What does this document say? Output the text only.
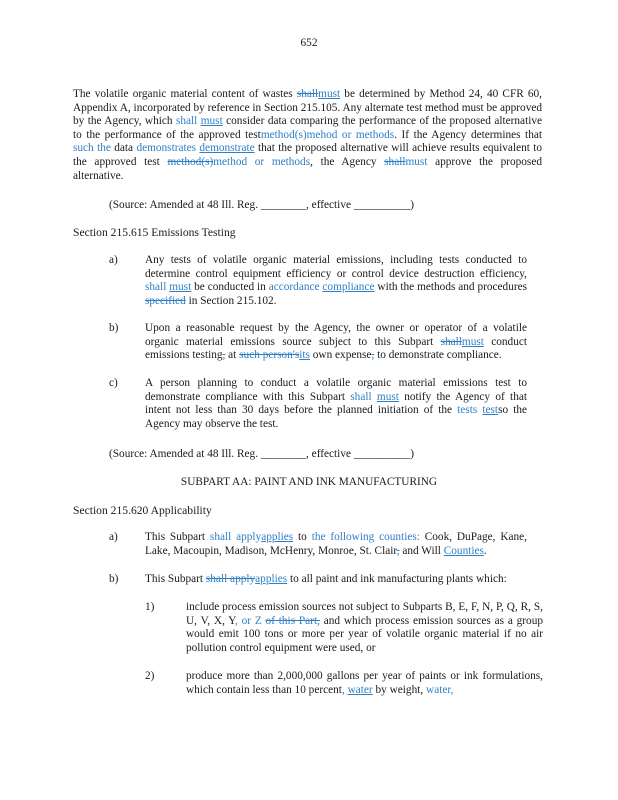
652
The volatile organic material content of wastes shallmust be determined by Method 24, 40 CFR 60, Appendix A, incorporated by reference in Section 215.105. Any alternate test method must be approved by the Agency, which shall must consider data comparing the performance of the proposed alternative to the performance of the approved testmethod(s)mehod or methods. If the Agency determines that such the data demonstrates demonstrate that the proposed alternative will achieve results equivalent to the approved test method(s)method or methods, the Agency shallmust approve the proposed alternative.
(Source: Amended at 48 Ill. Reg. ________, effective __________)
Section 215.615 Emissions Testing
a) Any tests of volatile organic material emissions, including tests conducted to determine control equipment efficiency or control device destruction efficiency, shall must be conducted in accordance compliance with the methods and procedures specified in Section 215.102.
b) Upon a reasonable request by the Agency, the owner or operator of a volatile organic material emissions source subject to this Subpart shallmust conduct emissions testing, at such person'sits own expense, to demonstrate compliance.
c) A person planning to conduct a volatile organic material emissions test to demonstrate compliance with this Subpart shall must notify the Agency of that intent not less than 30 days before the planned initiation of the tests testso the Agency may observe the test.
(Source: Amended at 48 Ill. Reg. ________, effective __________)
SUBPART AA: PAINT AND INK MANUFACTURING
Section 215.620 Applicability
a) This Subpart shall applyapplies to the following counties: Cook, DuPage, Kane, Lake, Macoupin, Madison, McHenry, Monroe, St. Clair, and Will Counties.
b) This Subpart shall applyapplies to all paint and ink manufacturing plants which:
1)	include process emission sources not subject to Subparts B, E, F, N, P, Q, R, S, U, V, X, Y, or Z of this Part, and which process emission sources as a group would emit 100 tons or more per year of volatile organic material if no air pollution control equipment were used, or
2)	produce more than 2,000,000 gallons per year of paints or ink formulations, which contain less than 10 percent, water by weight, water,
